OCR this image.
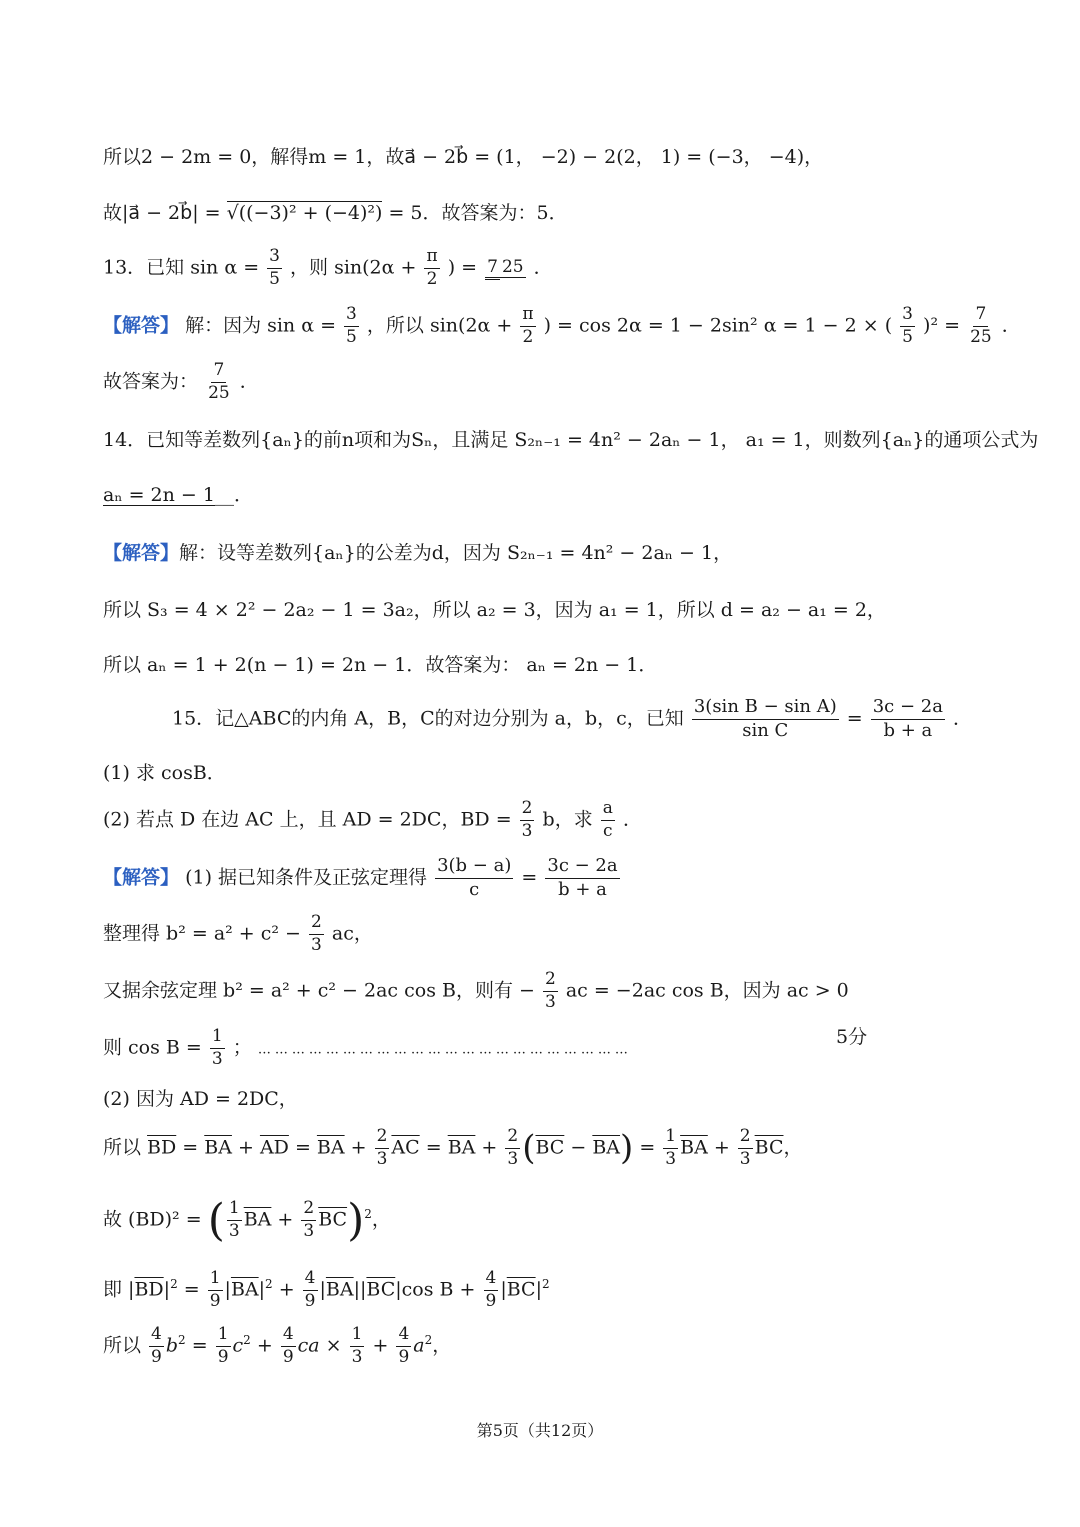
所以2 − 2m = 0，解得m = 1，故a⃗ − 2b⃗ = (1， −2) − 2(2， 1) = (−3， −4)，
故|a⃗ − 2b⃗| = √((−3)² + (−4)²) = 5．故答案为：5．
13．已知 $\sin \alpha = \frac{3}{5}$ ，则 $\sin(2\alpha + \frac{\pi}{2}$ ) = 7 25 ．
【解答】 解：因为 $\sin \alpha = \frac{3}{5}$ ，所以 $\sin(2\alpha + \frac{\pi}{2}$ ) = cos 2α = 1 − 2sin² α = 1 − 2 × ( $\frac{3}{5} )^2 = \frac{7}{25}$ ．
故答案为： $\frac{7}{25}$ ．
14．已知等差数列{aₙ}的前n项和为Sₙ，且满足 S₂ₙ₋₁ = 4n² − 2aₙ − 1， a₁ = 1，则数列{aₙ}的通项公式为
aₙ = 2n − 1__．
【解答】解：设等差数列{aₙ}的公差为d，因为 S₂ₙ₋₁ = 4n² − 2aₙ − 1，
所以 S₃ = 4 × 2² − 2a₂ − 1 = 3a₂，所以 a₂ = 3，因为 a₁ = 1，所以 d = a₂ − a₁ = 2，
所以 aₙ = 1 + 2(n − 1) = 2n − 1．故答案为： aₙ = 2n − 1．
15．记△ABC的内角 A，B，C的对边分别为 a，b，c，已知 $\frac{\text{3(sin B − sin A)}}{\text{sin C}} = \frac{3c - 2a}{b + a}$ ．
(1) 求 cosB．
(2) 若点 D 在边 AC 上，且 AD = 2DC，BD = $\frac{2}{3}$ b，求 $\frac{a}{c}$ ．
【解答】 (1) 据已知条件及正弦定理得 $\frac{3(b - a)}{c} = \frac{3c - 2a}{b + a}$
整理得 $b^2 = a^2 + c^2 - \frac{2}{3}$ ac，
又据余弦定理 b² = a² + c² − 2ac cos B，则有 − $\frac{2}{3}$ ac = −2ac cos B，因为 ac > 0
则 $\cos B = \frac{1}{3}$ ； …………………………………………………………
5分
(2) 因为 AD = 2DC，
所以 $\overline{BD} = \overline{BA} + \overline{AD} = \overline{BA} + \frac{2}{3} \overline{AC} = \overline{BA} + \frac{2}{3} (\overline{BC} - \overline{BA}) = \frac{1}{3} \overline{BA} + \frac{2}{3} \overline{BC}$，
故 (BD)² = ( $\frac{1}{3} \overline{BA} + \frac{2}{3} \overline{BC})^2$，
即 $|\overline{BD}|^2 = \frac{1}{9} |\overline{BA}|^2 + \frac{4}{9} |\overline{BA}||\overline{BC}|\cos$ $B + \frac{4}{9} |\overline{BC}|^2$
所以 $\frac{4}{9} b^2 = \frac{1}{9} c^2 + \frac{4}{9}$ ca × $\frac{1}{3} + \frac{4}{9} a^2$，
第5页（共12页）
